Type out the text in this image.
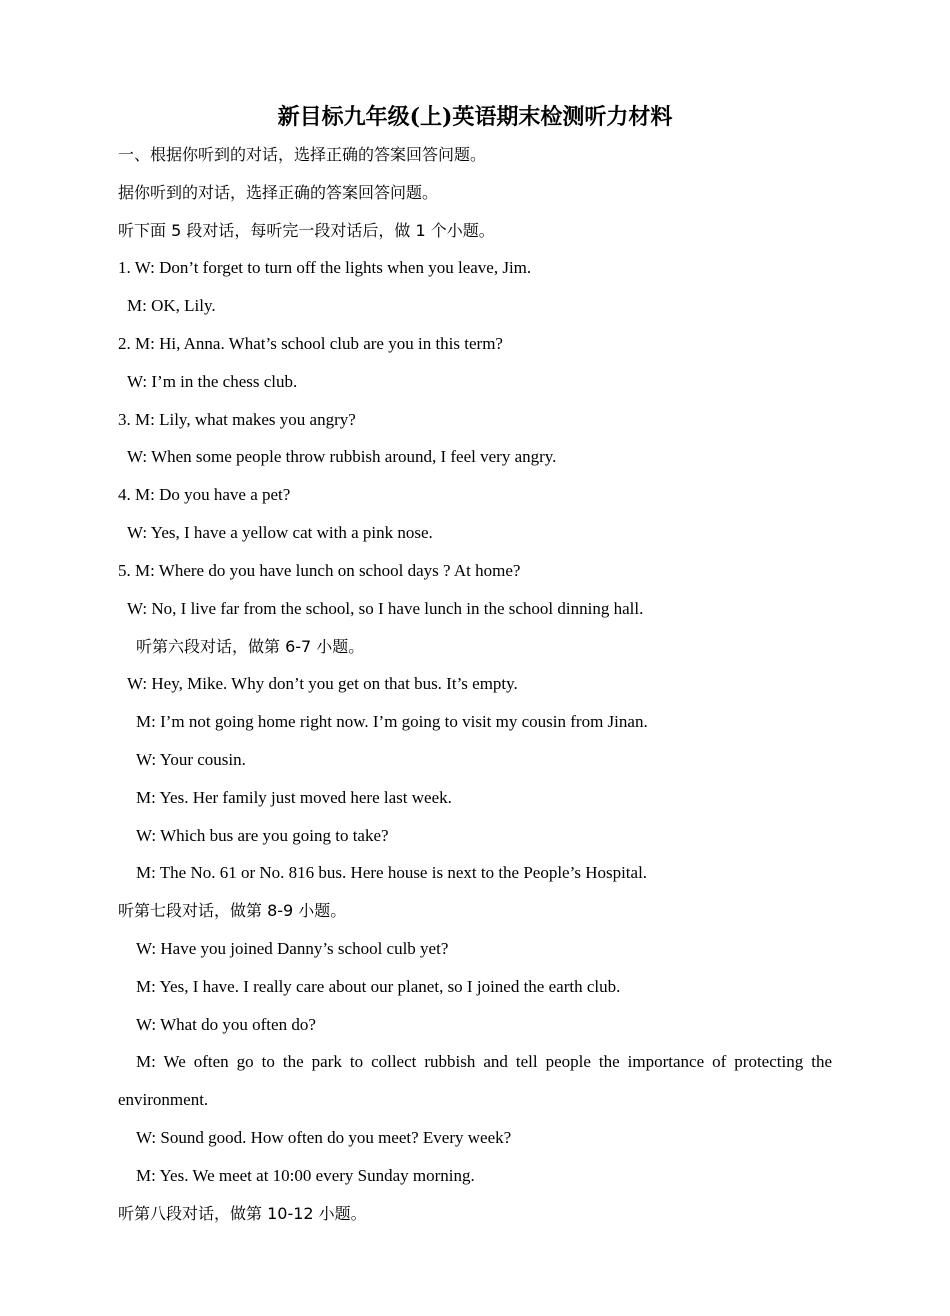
新目标九年级(上)英语期末检测听力材料
一、根据你听到的对话，选择正确的答案回答问题。
据你听到的对话，选择正确的答案回答问题。
听下面 5 段对话，每听完一段对话后，做 1 个小题。
1. W: Don’t forget to turn off the lights when you leave, Jim.
M: OK, Lily.
2. M: Hi, Anna. What’s school club are you in this term?
W: I’m in the chess club.
3. M: Lily, what makes you angry?
W: When some people throw rubbish around, I feel very angry.
4. M: Do you have a pet?
W: Yes, I have a yellow cat with a pink nose.
5. M: Where do you have lunch on school days ? At home?
W: No, I live far from the school, so I have lunch in the school dinning hall.
听第六段对话，做第 6-7 小题。
W: Hey, Mike. Why don’t you get on that bus. It’s empty.
M: I’m not going home right now. I’m going to visit my cousin from Jinan.
W: Your cousin.
M: Yes. Her family just moved here last week.
W: Which bus are you going to take?
M: The No. 61 or No. 816 bus. Here house is next to the People’s Hospital.
听第七段对话，做第 8-9 小题。
W: Have you joined Danny’s school culb yet?
M: Yes, I have. I really care about our planet, so I joined the earth club.
W: What do you often do?
M: We often go to the park to collect rubbish and tell people the importance of protecting the
environment.
W: Sound good. How often do you meet? Every week?
M: Yes. We meet at 10:00 every Sunday morning.
听第八段对话，做第 10-12 小题。
